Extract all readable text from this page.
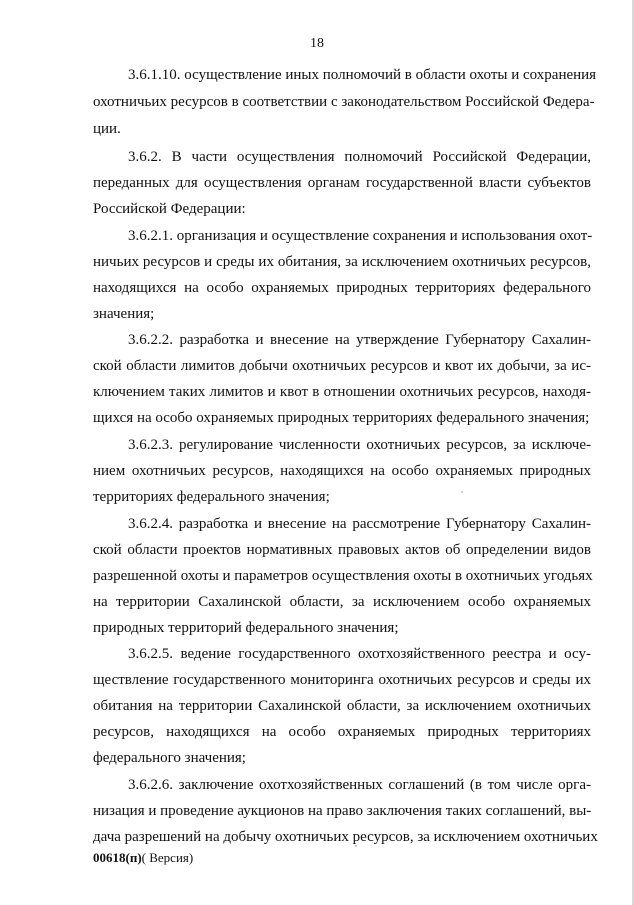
18
3.6.1.10. осуществление иных полномочий в области охоты и сохранения
охотничьих ресурсов в соответствии с законодательством Российской Федера-
ции.
3.6.2. В части осуществления полномочий Российской Федерации,
переданных для осуществления органам государственной власти субъектов
Российской Федерации:
3.6.2.1. организация и осуществление сохранения и использования охот-
ничьих ресурсов и среды их обитания, за исключением охотничьих ресурсов,
находящихся на особо охраняемых природных территориях федерального
значения;
3.6.2.2. разработка и внесение на утверждение Губернатору Сахалин-
ской области лимитов добычи охотничьих ресурсов и квот их добычи, за ис-
ключением таких лимитов и квот в отношении охотничьих ресурсов, находя-
щихся на особо охраняемых природных территориях федерального значения;
3.6.2.3. регулирование численности охотничьих ресурсов, за исключе-
нием охотничьих ресурсов, находящихся на особо охраняемых природных
территориях федерального значения;
3.6.2.4. разработка и внесение на рассмотрение Губернатору Сахалин-
ской области проектов нормативных правовых актов об определении видов
разрешенной охоты и параметров осуществления охоты в охотничьих угодьях
на территории Сахалинской области, за исключением особо охраняемых
природных территорий федерального значения;
3.6.2.5. ведение государственного охотхозяйственного реестра и осу-
ществление государственного мониторинга охотничьих ресурсов и среды их
обитания на территории Сахалинской области, за исключением охотничьих
ресурсов, находящихся на особо охраняемых природных территориях
федерального значения;
3.6.2.6. заключение охотхозяйственных соглашений (в том числе орга-
низация и проведение аукционов на право заключения таких соглашений, вы-
дача разрешений на добычу охотничьих ресурсов, за исключением охотничьих
00618(п)( Версия)
